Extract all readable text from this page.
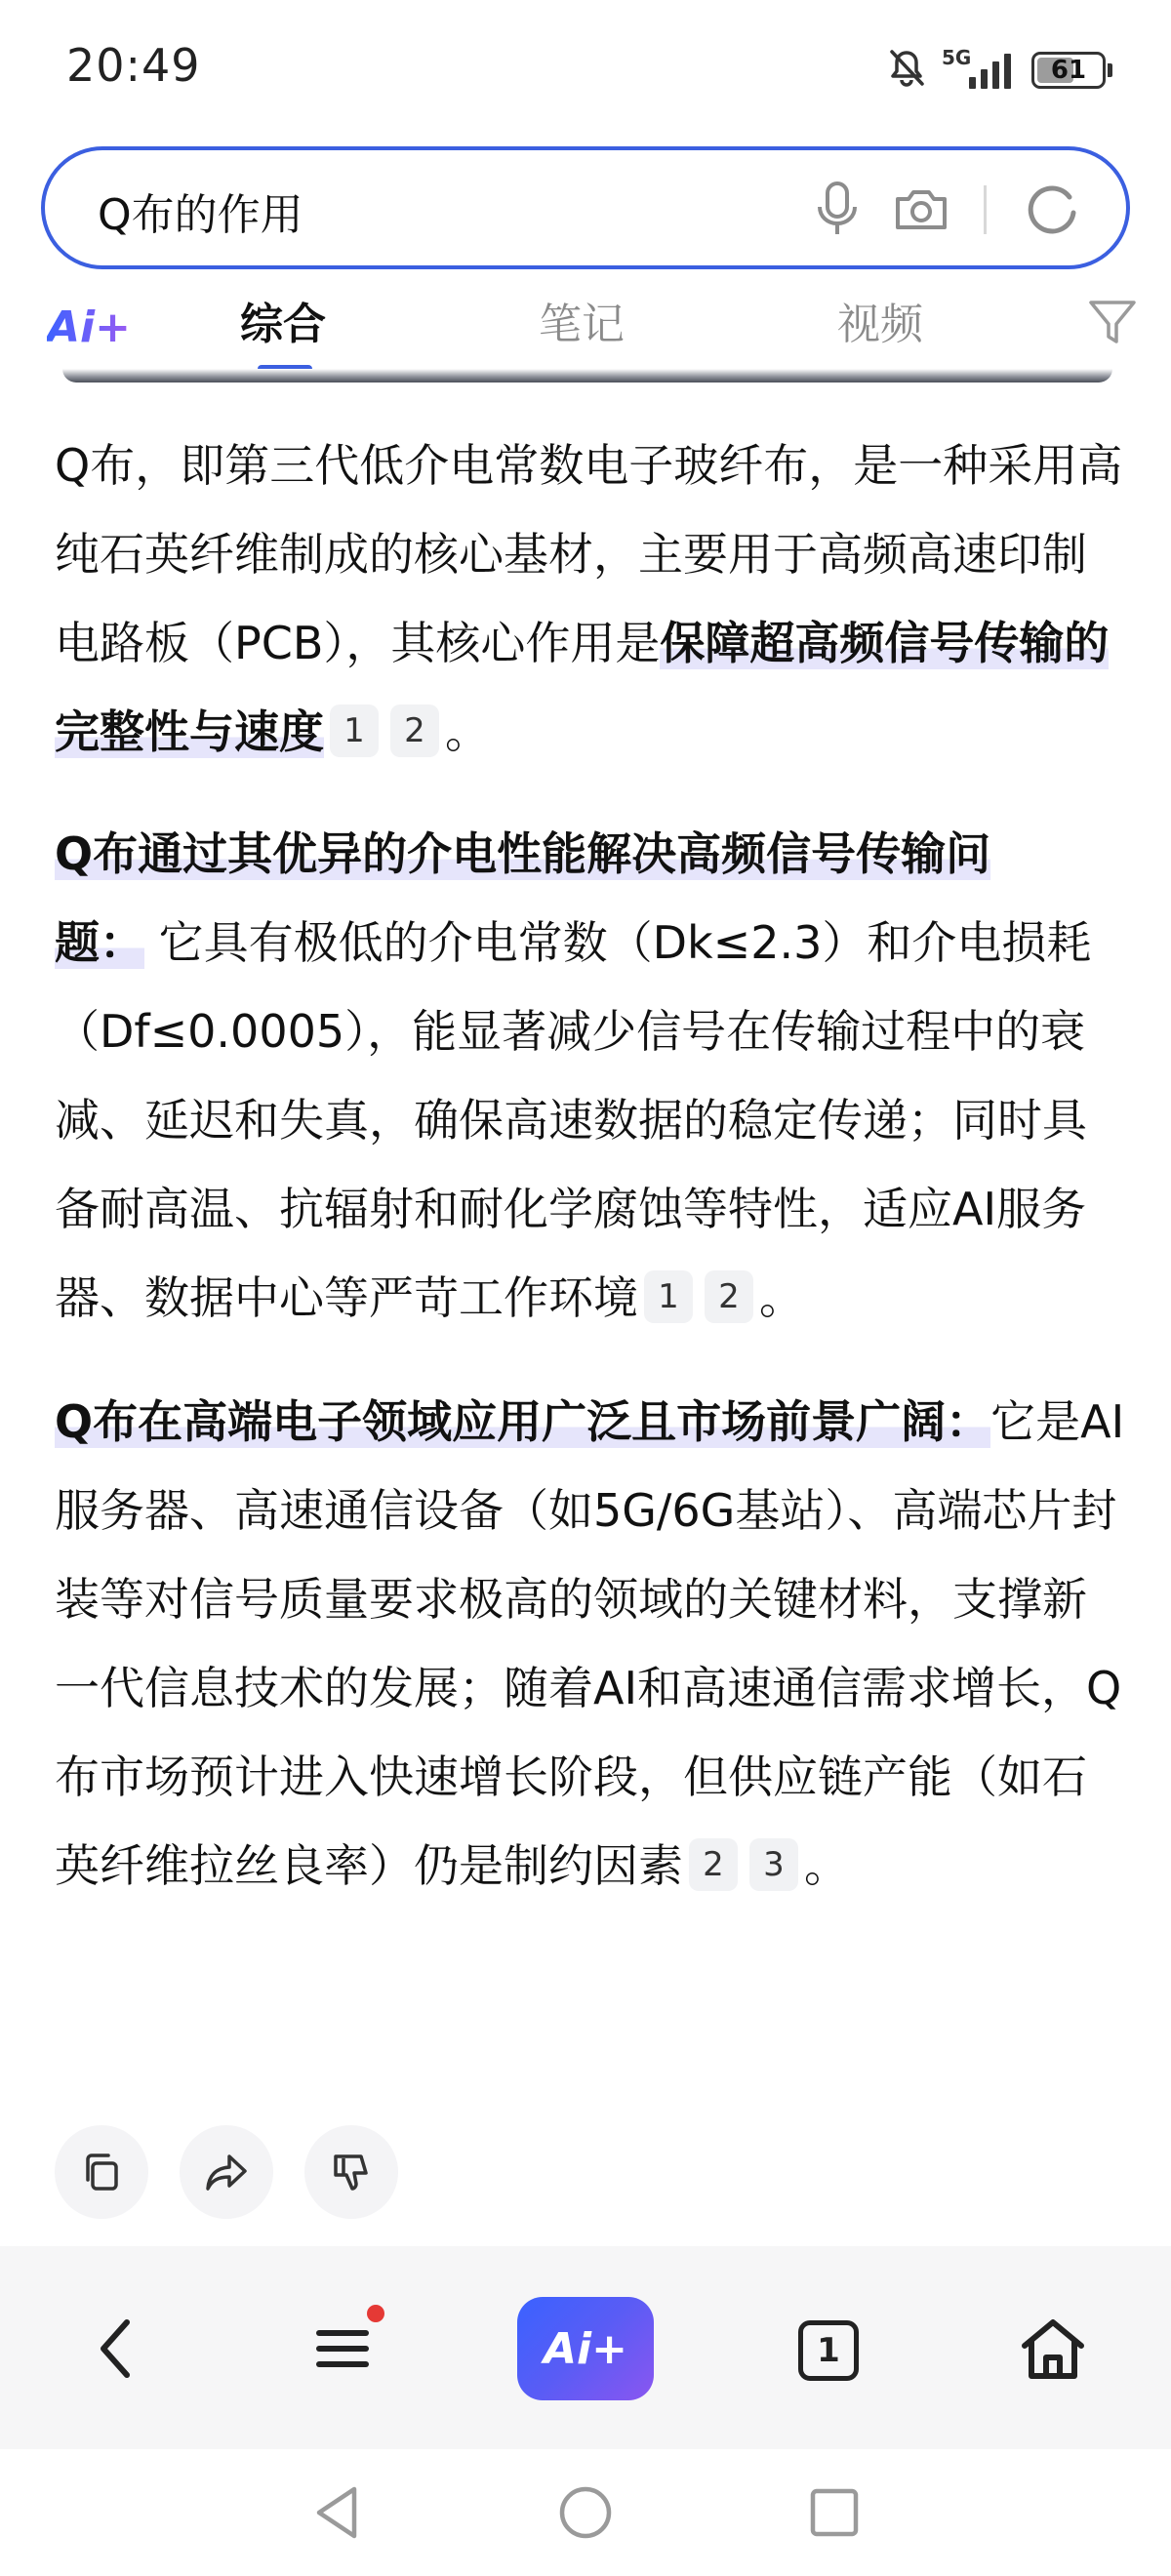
20:49	5G	61
Q布的作用
Ai+	综合	笔记	视频

Q布，即第三代低介电常数电子玻纤布，是一种采用高纯石英纤维制成的核心基材，主要用于高频高速印制电路板（PCB），其核心作用是保障超高频信号传输的完整性与速度 1 2 。

Q布通过其优异的介电性能解决高频信号传输问题： 它具有极低的介电常数（Dk≤2.3）和介电损耗（Df≤0.0005），能显著减少信号在传输过程中的衰减、延迟和失真，确保高速数据的稳定传递；同时具备耐高温、抗辐射和耐化学腐蚀等特性，适应AI服务器、数据中心等严苛工作环境 1 2 。

Q布在高端电子领域应用广泛且市场前景广阔：它是AI服务器、高速通信设备（如5G/6G基站）、高端芯片封装等对信号质量要求极高的领域的关键材料，支撑新一代信息技术的发展；随着AI和高速通信需求增长，Q布市场预计进入快速增长阶段，但供应链产能（如石英纤维拉丝良率）仍是制约因素 2 3 。

Ai+	1
